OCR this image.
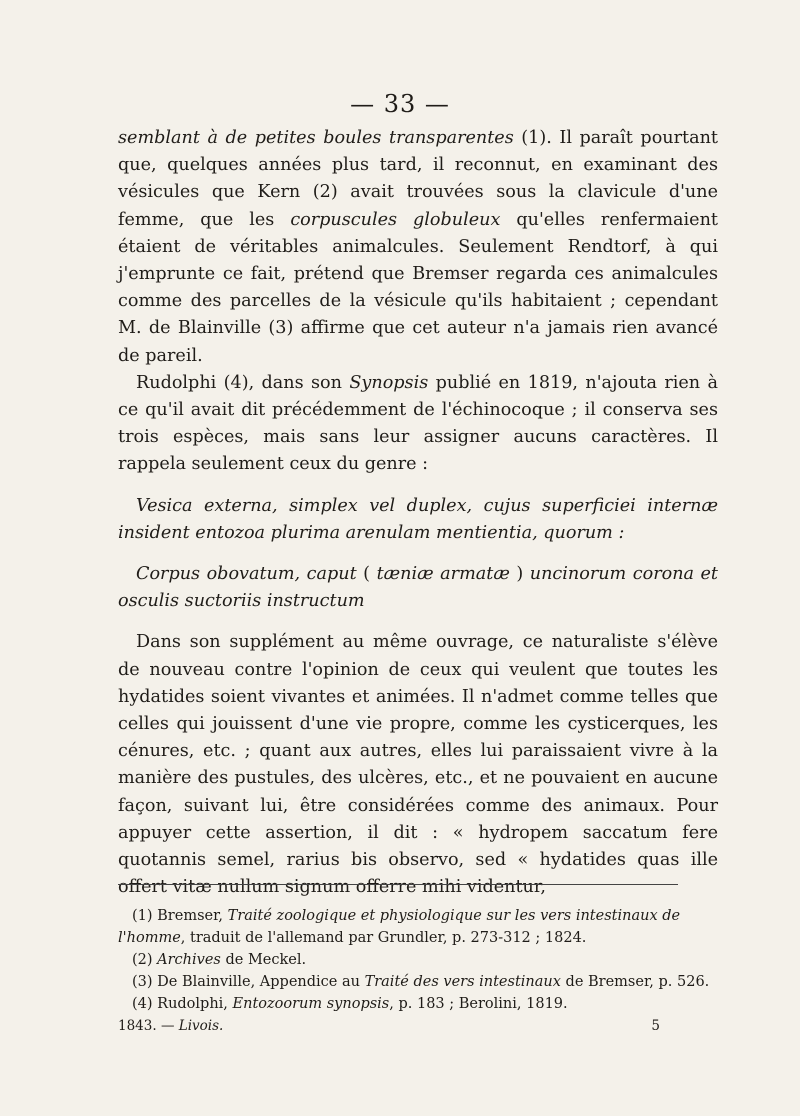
— 33 —

semblant à de petites boules transparentes (1). Il paraît pourtant que, quelques années plus tard, il reconnut, en examinant des vésicules que Kern (2) avait trouvées sous la clavicule d'une femme, que les corpuscules globuleux qu'elles renfermaient étaient de véritables animalcules. Seulement Rendtorf, à qui j'emprunte ce fait, prétend que Bremser regarda ces animalcules comme des parcelles de la vésicule qu'ils habitaient ; cependant M. de Blainville (3) affirme que cet auteur n'a jamais rien avancé de pareil.

Rudolphi (4), dans son Synopsis publié en 1819, n'ajouta rien à ce qu'il avait dit précédemment de l'échinocoque ; il conserva ses trois espèces, mais sans leur assigner aucuns caractères. Il rappela seulement ceux du genre :

Vesica externa, simplex vel duplex, cujus superficiei internæ insident entozoa plurima arenulam mentientia, quorum :

Corpus obovatum, caput ( tæniæ armatæ ) uncinorum corona et osculis suctoriis instructum

Dans son supplément au même ouvrage, ce naturaliste s'élève de nouveau contre l'opinion de ceux qui veulent que toutes les hydatides soient vivantes et animées. Il n'admet comme telles que celles qui jouissent d'une vie propre, comme les cysticerques, les cénures, etc. ; quant aux autres, elles lui paraissaient vivre à la manière des pustules, des ulcères, etc., et ne pouvaient en aucune façon, suivant lui, être considérées comme des animaux. Pour appuyer cette assertion, il dit : « hydropem saccatum fere quotannis semel, rarius bis observo, sed « hydatides quas ille offert vitæ nullum signum offerre mihi videntur,

(1) Bremser, Traité zoologique et physiologique sur les vers intestinaux de l'homme, traduit de l'allemand par Grundler, p. 273-312 ; 1824.

(2) Archives de Meckel.

(3) De Blainville, Appendice au Traité des vers intestinaux de Bremser, p. 526.

(4) Rudolphi, Entozoorum synopsis, p. 183 ; Berolini, 1819.

1843. — Livois.	5
